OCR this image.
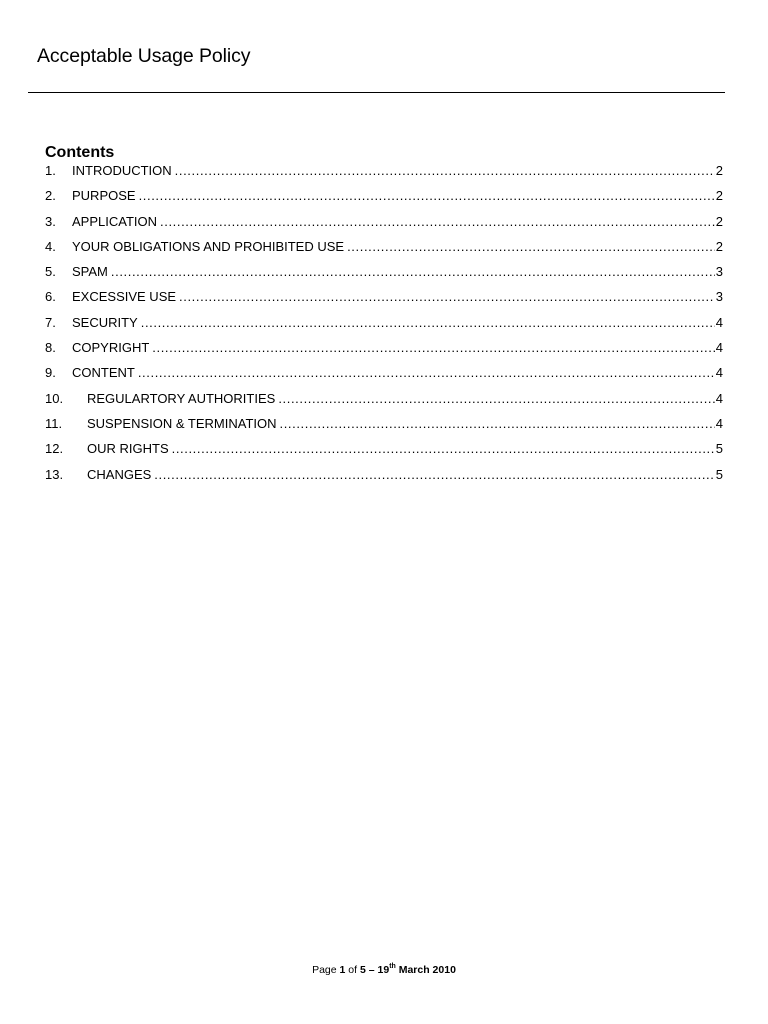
Acceptable Usage Policy
Contents
1.	INTRODUCTION .....	2
2.	PURPOSE .....	2
3.	APPLICATION .....	2
4.	YOUR OBLIGATIONS AND PROHIBITED USE .....	2
5.	SPAM .....	3
6.	EXCESSIVE USE .....	3
7.	SECURITY .....	4
8.	COPYRIGHT .....	4
9.	CONTENT .....	4
10.	REGULARTORY AUTHORITIES .....	4
11.	SUSPENSION & TERMINATION .....	4
12.	OUR RIGHTS .....	5
13.	CHANGES .....	5
Page 1 of 5 – 19th March 2010
